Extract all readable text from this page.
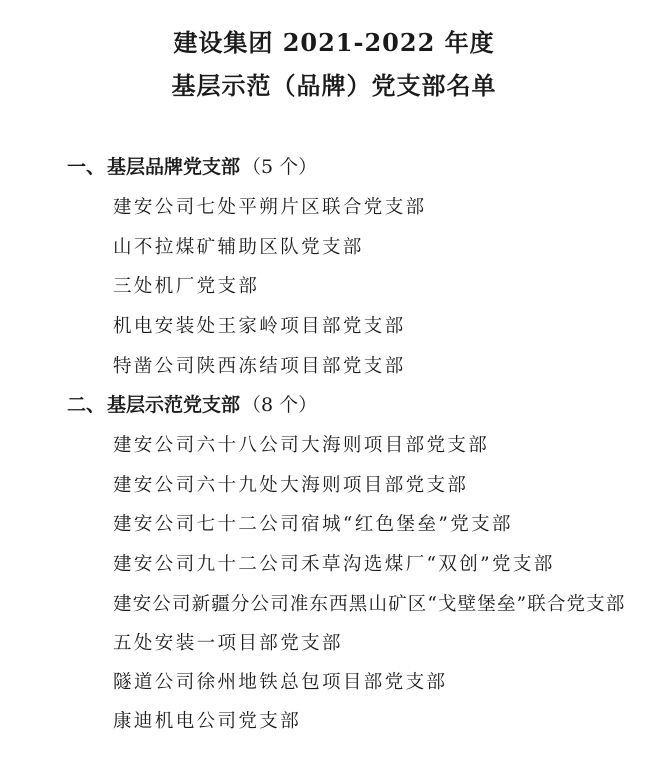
建设集团 2021-2022 年度
基层示范（品牌）党支部名单
一、 基层品牌党支部 （5 个）
建安公司七处平朔片区联合党支部
山不拉煤矿辅助区队党支部
三处机厂党支部
机电安装处王家岭项目部党支部
特凿公司陕西冻结项目部党支部
二、 基层示范党支部 （8 个）
建安公司六十八公司大海则项目部党支部
建安公司六十九处大海则项目部党支部
建安公司七十二公司宿城“红色堡垒”党支部
建安公司九十二公司禾草沟选煤厂“双创”党支部
建安公司新疆分公司准东西黑山矿区“戈壁堡垒”联合党支部
五处安装一项目部党支部
隧道公司徐州地铁总包项目部党支部
康迪机电公司党支部
